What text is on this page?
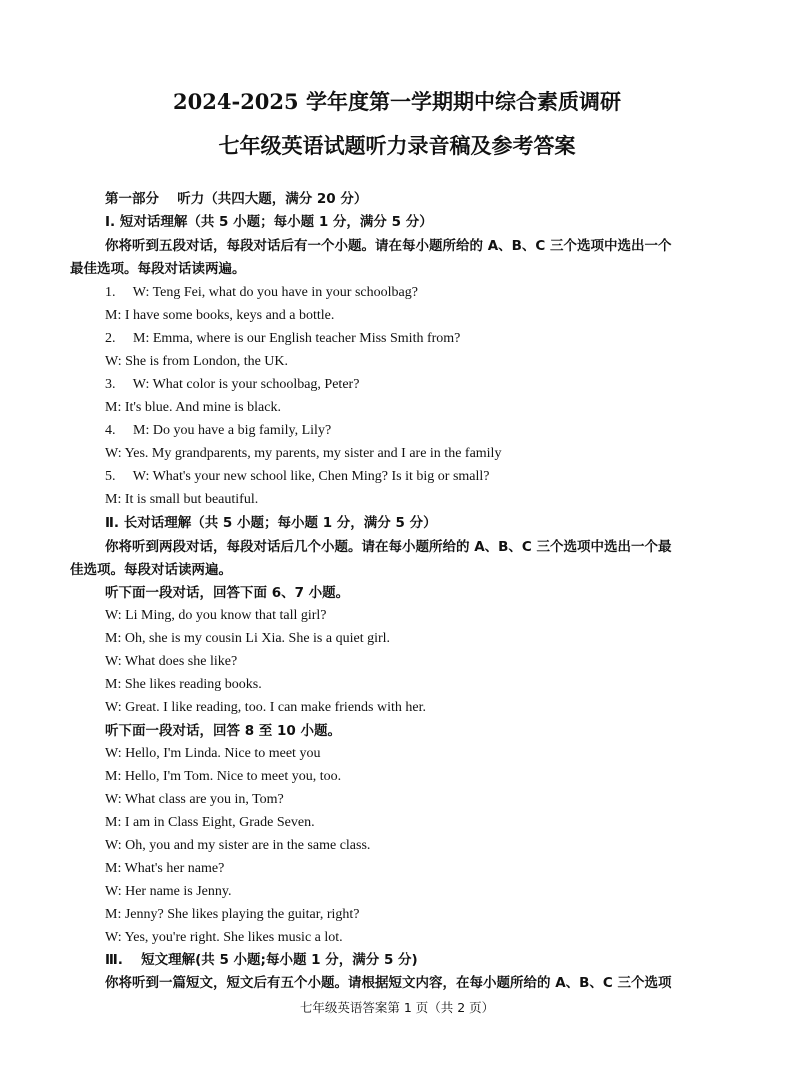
2024-2025 学年度第一学期期中综合素质调研
七年级英语试题听力录音稿及参考答案
第一部分　 听力（共四大题，满分 20 分）
Ⅰ. 短对话理解（共 5 小题；每小题 1 分，满分 5 分）
你将听到五段对话，每段对话后有一个小题。请在每小题所给的 A、B、C 三个选项中选出一个
最佳选项。每段对话读两遍。
1.　 W: Teng Fei, what do you have in your schoolbag?
M: I have some books, keys and a bottle.
2.　 M: Emma, where is our English teacher Miss Smith from?
W: She is from London, the UK.
3.　 W: What color is your schoolbag, Peter?
M: It's blue. And mine is black.
4.　 M: Do you have a big family, Lily?
W: Yes. My grandparents, my parents, my sister and I are in the family
5.　 W: What's your new school like, Chen Ming? Is it big or small?
M: It is small but beautiful.
Ⅱ. 长对话理解（共 5 小题；每小题 1 分，满分 5 分）
你将听到两段对话，每段对话后几个小题。请在每小题所给的 A、B、C 三个选项中选出一个最
佳选项。每段对话读两遍。
听下面一段对话，回答下面 6、7 小题。
W: Li Ming, do you know that tall girl?
M: Oh, she is my cousin Li Xia. She is a quiet girl.
W: What does she like?
M: She likes reading books.
W: Great. I like reading, too. I can make friends with her.
听下面一段对话，回答 8 至 10 小题。
W: Hello, I'm Linda. Nice to meet you
M: Hello, I'm Tom. Nice to meet you, too.
W: What class are you in, Tom?
M: I am in Class Eight, Grade Seven.
W: Oh, you and my sister are in the same class.
M: What's her name?
W: Her name is Jenny.
M: Jenny? She likes playing the guitar, right?
W: Yes, you're right. She likes music a lot.
Ⅲ.　 短文理解(共 5 小题;每小题 1 分，满分 5 分)
你将听到一篇短文，短文后有五个小题。请根据短文内容，在每小题所给的 A、B、C 三个选项
七年级英语答案第 1 页（共 2 页）
